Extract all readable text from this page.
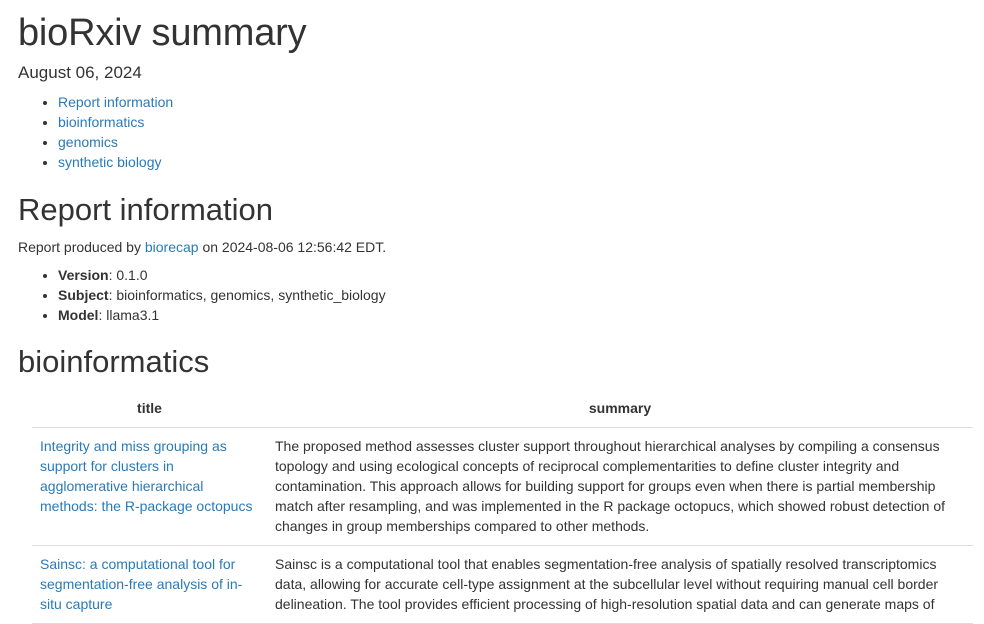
bioRxiv summary
August 06, 2024
• Report information
• bioinformatics
• genomics
• synthetic biology
Report information
Report produced by biorecap on 2024-08-06 12:56:42 EDT.
• Version: 0.1.0
• Subject: bioinformatics, genomics, synthetic_biology
• Model: llama3.1
bioinformatics
title	summary
Integrity and miss grouping as support for clusters in agglomerative hierarchical methods: the R-package octopucs	The proposed method assesses cluster support throughout hierarchical analyses by compiling a consensus topology and using ecological concepts of reciprocal complementarities to define cluster integrity and contamination. This approach allows for building support for groups even when there is partial membership match after resampling, and was implemented in the R package octopucs, which showed robust detection of changes in group memberships compared to other methods.
Sainsc: a computational tool for segmentation-free analysis of in-situ capture	Sainsc is a computational tool that enables segmentation-free analysis of spatially resolved transcriptomics data, allowing for accurate cell-type assignment at the subcellular level without requiring manual cell border delineation. The tool provides efficient processing of high-resolution spatial data and can generate maps of
